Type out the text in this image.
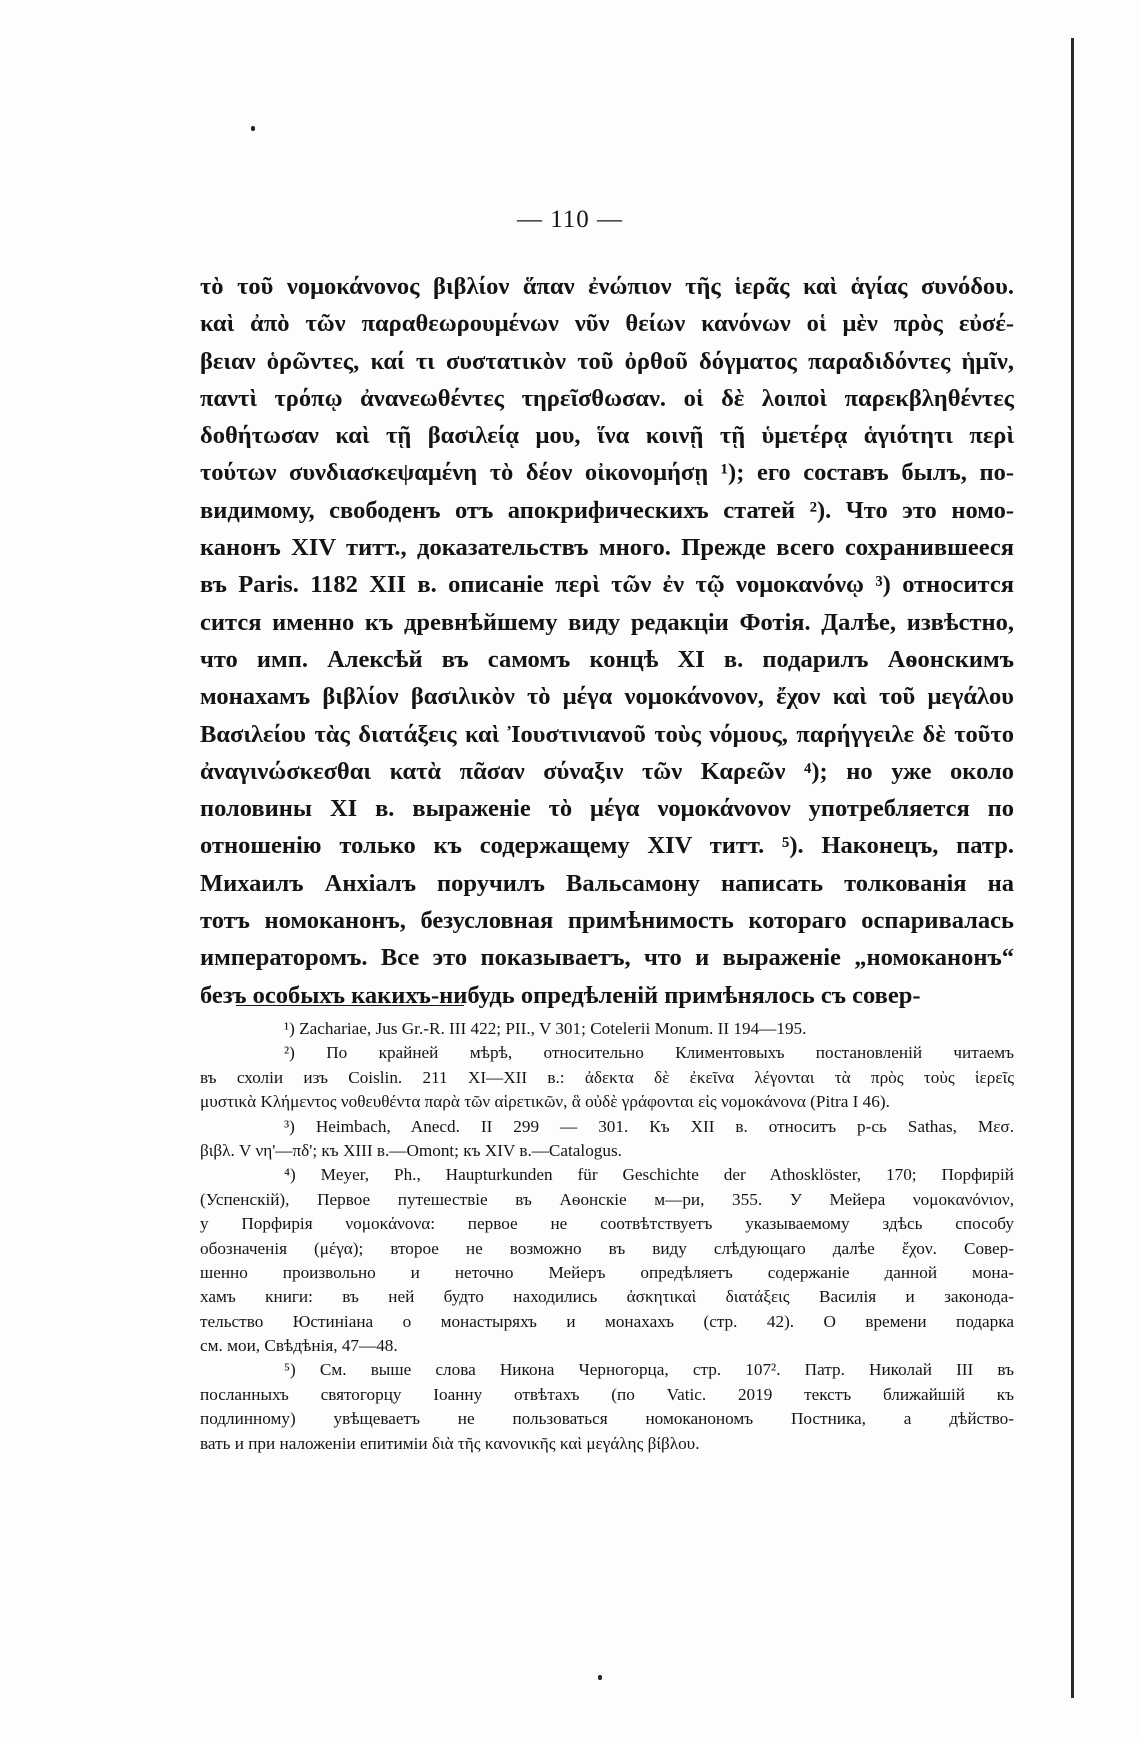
— 110 —
τὸ τοῦ νομοκάνονος βιβλίον ἅπαν ἐνώπιον τῆς ἱερᾶς καὶ ἁγίας συνόδου.
καὶ ἀπὸ τῶν παραθεωρουμένων νῦν θείων κανόνων οἱ μὲν πρὸς εὐσέ-
βειαν ὁρῶντες, καί τι συστατικὸν τοῦ ὀρθοῦ δόγματος παραδιδόντες ἡμῖν,
παντὶ τρόπῳ ἀνανεωθέντες τηρεῖσθωσαν. οἱ δὲ λοιποὶ παρεκβληθέντες
δοθήτωσαν καὶ τῇ βασιλείᾳ μου, ἵνα κοινῇ τῇ ὑμετέρᾳ ἁγιότητι περὶ
τούτων συνδιασκεψαμένη τὸ δέον οἰκονομήσῃ ¹); его составъ былъ, по-
видимому, свободенъ отъ апокрифическихъ статей ²). Что это номо-
канонъ XIV титт., доказательствъ много. Прежде всего сохранившееся
въ Paris. 1182 XII в. описаніе περὶ τῶν ἐν τῷ νομοκανόνῳ ³) относится
сится именно къ древнѣйшему виду редакціи Фотія. Далѣе, извѣстно,
что имп. Алексѣй въ самомъ концѣ XI в. подарилъ Аѳонскимъ
монахамъ βιβλίον βασιλικὸν τὸ μέγα νομοκάνονον, ἔχον καὶ τοῦ μεγάλου
Βασιλείου τὰς διατάξεις καὶ Ἰουστινιανοῦ τοὺς νόμους, παρήγγειλε δὲ τοῦτο
ἀναγινώσκεσθαι κατὰ πᾶσαν σύναξιν τῶν Καρεῶν ⁴); но уже около
половины XI в. выраженіе τὸ μέγα νομοκάνονον употребляется по
отношенію только къ содержащему XIV титт. ⁵). Наконецъ, патр.
Михаилъ Анхіалъ поручилъ Вальсамону написать толкованія на
тотъ номоканонъ, безусловная примѣнимость котораго оспаривалась
императоромъ. Все это показываетъ, что и выраженіе „номоканонъ“
безъ особыхъ какихъ-нибудь опредѣленій примѣнялось съ совер-
¹) Zachariae, Jus Gr.-R. III 422; PII., V 301; Cotelerii Monum. II 194—195.
²) По крайней мѣрѣ, относительно Климентовыхъ постановленій читаемъ
въ схоліи изъ Coislin. 211 XI—XII в.: ἀδεκτα δὲ ἐκεῖνα λέγονται τὰ πρὸς τοὺς ἱερεῖς
μυστικὰ Κλήμεντος νοθευθέντα παρὰ τῶν αἱρετικῶν, ἃ οὐδὲ γράφονται εἰς νομοκάνονα (Pitra I 46).
³) Heimbach, Anecd. II 299 — 301. Къ XII в. относитъ р-сь Sathas, Μεσ.
βιβλ. V νη'—πδ'; къ XIII в.—Omont; къ XIV в.—Catalogus.
⁴) Meyer, Ph., Haupturkunden für Geschichte der Athosklöster, 170; Порфирій
(Успенскій), Первое путешествіе въ Аѳонскіе м—ри, 355. У Мейера νομοκανόνιον,
у Порфирія νομοκάνονα: первое не соотвѣтствуетъ указываемому здѣсь способу
обозначенія (μέγα); второе не возможно въ виду слѣдующаго далѣе ἔχον. Совер-
шенно произвольно и неточно Мейеръ опредѣляетъ содержаніе данной мона-
хамъ книги: въ ней будто находились ἀσκητικαὶ διατάξεις Василія и законода-
тельство Юстиніана о монастыряхъ и монахахъ (стр. 42). О времени подарка
см. мои, Свѣдѣнія, 47—48.
⁵) См. выше слова Никона Черногорца, стр. 107². Патр. Николай III въ
посланныхъ святогорцу Іоанну отвѣтахъ (по Vatic. 2019 текстъ ближайшій къ
подлинному) увѣщеваетъ не пользоваться номоканономъ Постника, а дѣйство-
вать и при наложеніи епитиміи διὰ τῆς κανονικῆς καὶ μεγάλης βίβλου.
